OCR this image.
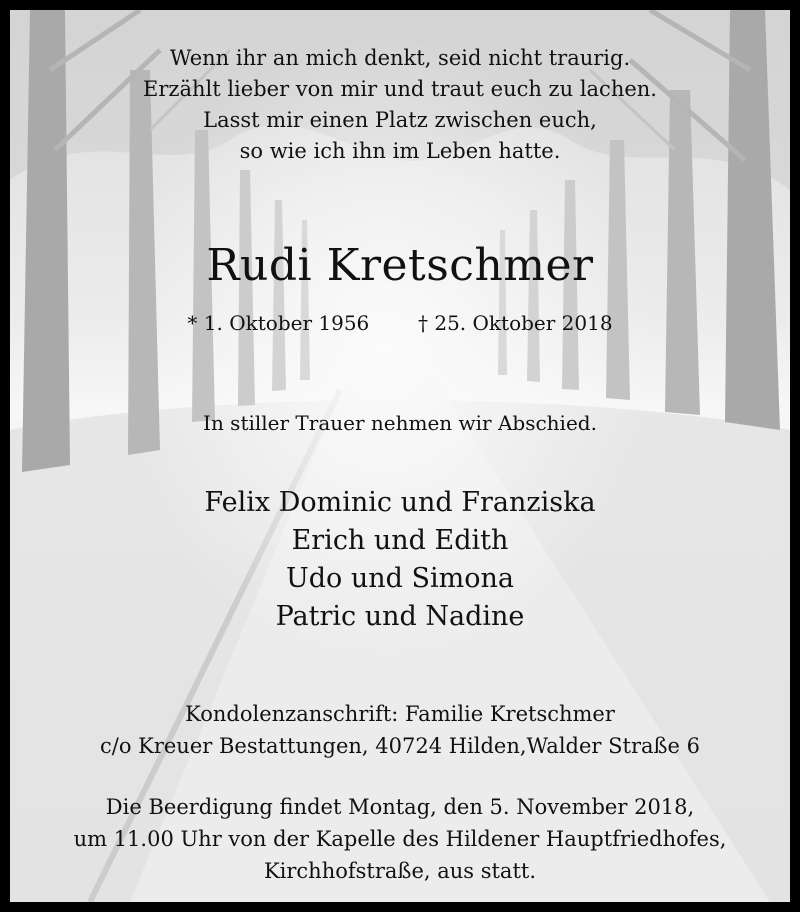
Wenn ihr an mich denkt, seid nicht traurig.
Erzählt lieber von mir und traut euch zu lachen.
Lasst mir einen Platz zwischen euch,
so wie ich ihn im Leben hatte.
Rudi Kretschmer
* 1. Oktober 1956 † 25. Oktober 2018
In stiller Trauer nehmen wir Abschied.
Felix Dominic und Franziska
Erich und Edith
Udo und Simona
Patric und Nadine
Kondolenzanschrift: Familie Kretschmer
c/o Kreuer Bestattungen, 40724 Hilden,Walder Straße 6
Die Beerdigung findet Montag, den 5. November 2018,
um 11.00 Uhr von der Kapelle des Hildener Hauptfriedhofes,
Kirchhofstraße, aus statt.
